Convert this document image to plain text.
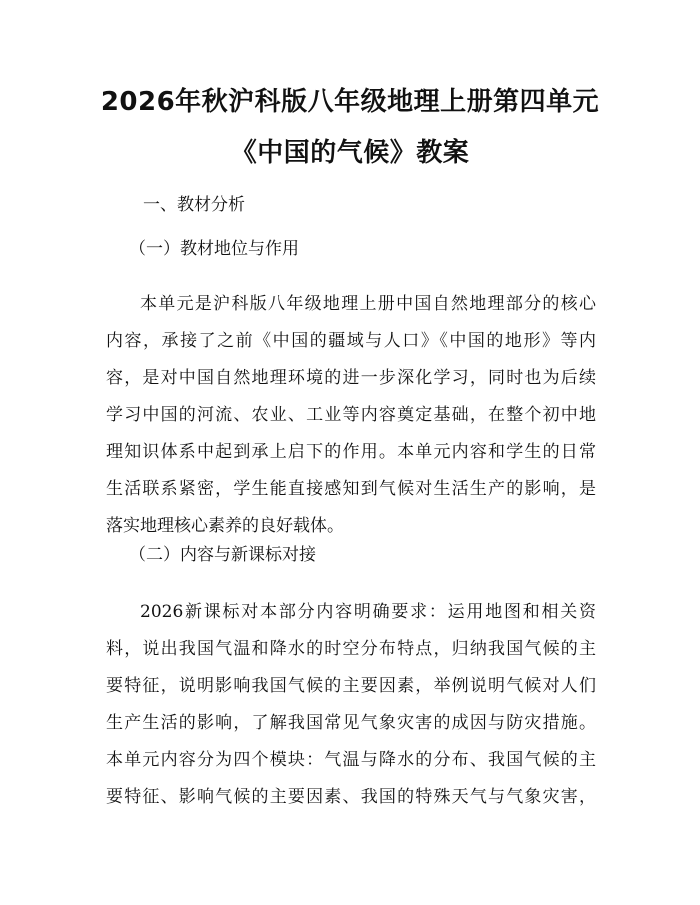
2026年秋沪科版八年级地理上册第四单元
《中国的气候》教案

一、教材分析

（一）教材地位与作用

本单元是沪科版八年级地理上册中国自然地理部分的核心
内容，承接了之前《中国的疆域与人口》《中国的地形》等内
容，是对中国自然地理环境的进一步深化学习，同时也为后续
学习中国的河流、农业、工业等内容奠定基础，在整个初中地
理知识体系中起到承上启下的作用。本单元内容和学生的日常
生活联系紧密，学生能直接感知到气候对生活生产的影响，是
落实地理核心素养的良好载体。

（二）内容与新课标对接

2026新课标对本部分内容明确要求：运用地图和相关资
料，说出我国气温和降水的时空分布特点，归纳我国气候的主
要特征，说明影响我国气候的主要因素，举例说明气候对人们
生产生活的影响，了解我国常见气象灾害的成因与防灾措施。
本单元内容分为四个模块：气温与降水的分布、我国气候的主
要特征、影响气候的主要因素、我国的特殊天气与气象灾害，
